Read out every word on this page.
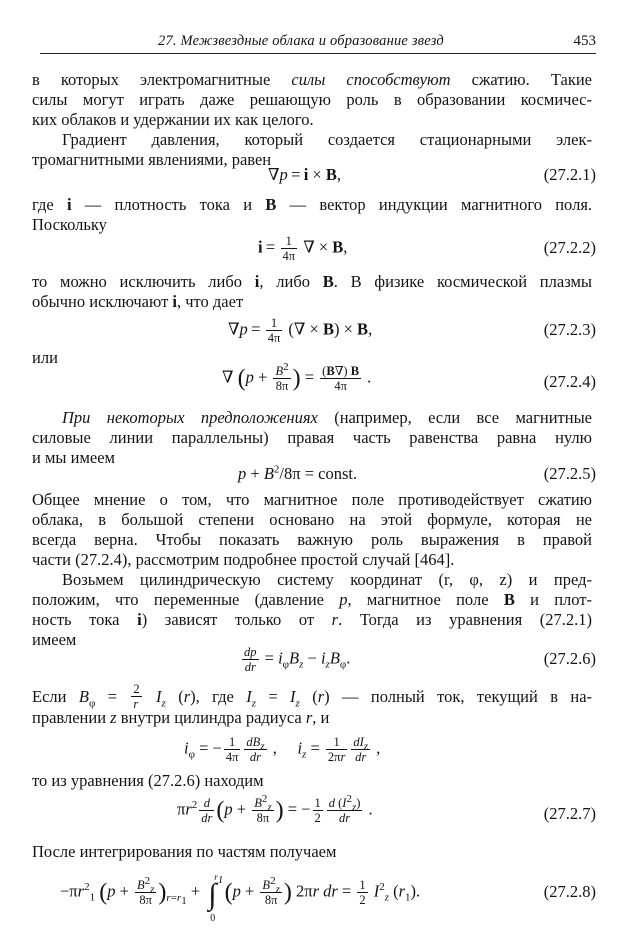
27. Межзвездные облака и образование звезд	453
в которых электромагнитные силы способствуют сжатию. Такие
силы могут играть даже решающую роль в образовании космичес-
ких облаков и удержании их как целого.
Градиент давления, который создается стационарными элек-
тромагнитными явлениями, равен
∇p = i × B,	(27.2.1)
где i — плотность тока и B — вектор индукции магнитного поля.
Поскольку
$i = \frac{1}{4\pi}$ ∇ × B,	(27.2.2)
то можно исключить либо i, либо B. В физике космической плазмы
обычно исключают i, что дает
$\nabla p = \frac{1}{4\pi}$ (∇ × B) × B,	(27.2.3)
или
∇ ($p + \frac{B^2}{8\pi}$ ) = $\frac{(B\nabla) B}{4\pi}$ .	(27.2.4)
При некоторых предположениях (например, если все магнитные
силовые линии параллельны) правая часть равенства равна нулю
и мы имеем
$p + B^2/8\pi$ = const.	(27.2.5)
Общее мнение о том, что магнитное поле противодействует сжатию
облака, в большой степени основано на этой формуле, которая не
всегда верна. Чтобы показать важную роль выражения в правой
части (27.2.4), рассмотрим подробнее простой случай [464].
Возьмем цилиндрическую систему координат (r, φ, z) и пред-
положим, что переменные (давление p, магнитное поле B и плот-
ность тока i) зависят только от r. Тогда из уравнения (27.2.1)
имеем
$\frac{dp}{dr} = i_\varphi B_z - i_zB_\varphi$.	(27.2.6)
Если $B_\varphi = \frac{2}{r} I_z$ (r), где $I_z = I_z$ (r) — полный ток, текущий в на-
правлении z внутри цилиндра радиуса r, и
$i_\varphi$ = − $\frac{1}{4\pi} \frac{dB_z}{dr}$ ,     $i_z = \frac{1}{2\pi r} \frac{dI_z}{dr}$ ,
то из уравнения (27.2.6) находим
$\pi r^2 \frac{d}{dr} (p + \frac{B^2_z}{8\pi}$ ) = − $\frac{1}{2} \frac{d (I^2_z)}{dr}$ .	(27.2.7)
После интегрирования по частям получаем
$-\pi r^2_1$ $(p + \frac{B^2_z}{8\pi} )_{r=r_1}$ + ∫
$r_1$
0
($p + \frac{B^2_z}{8\pi}$ ) 2πr dr = $\frac{1}{2} I^2_z$ $(r_1)$.	(27.2.8)
